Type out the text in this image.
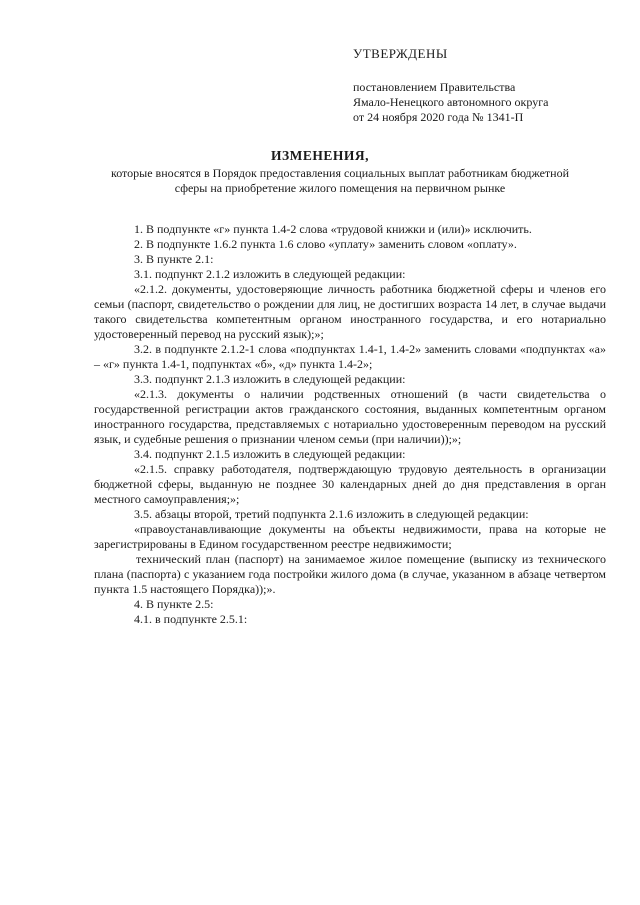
УТВЕРЖДЕНЫ
постановлением Правительства
Ямало-Ненецкого автономного округа
от 24 ноября 2020 года № 1341-П
ИЗМЕНЕНИЯ,
которые вносятся в Порядок предоставления социальных выплат работникам бюджетной сферы на приобретение жилого помещения на первичном рынке

1. В подпункте «г» пункта 1.4-2 слова «трудовой книжки и (или)» исключить.

2. В подпункте 1.6.2 пункта 1.6 слово «уплату» заменить словом «оплату».

3. В пункте 2.1:

3.1. подпункт 2.1.2 изложить в следующей редакции:

«2.1.2. документы, удостоверяющие личность работника бюджетной сферы и членов его семьи (паспорт, свидетельство о рождении для лиц, не достигших возраста 14 лет, в случае выдачи такого свидетельства компетентным органом иностранного государства, и его нотариально удостоверенный перевод на русский язык);»;

3.2. в подпункте 2.1.2-1 слова «подпунктах 1.4-1, 1.4-2» заменить словами «подпунктах «а» – «г» пункта 1.4-1, подпунктах «б», «д» пункта 1.4-2»;

3.3. подпункт 2.1.3 изложить в следующей редакции:

«2.1.3. документы о наличии родственных отношений (в части свидетельства о государственной регистрации актов гражданского состояния, выданных компетентным органом иностранного государства, представляемых с нотариально удостоверенным переводом на русский язык, и судебные решения о признании членом семьи (при наличии));»;

3.4. подпункт 2.1.5 изложить в следующей редакции:

«2.1.5. справку работодателя, подтверждающую трудовую деятельность в организации бюджетной сферы, выданную не позднее 30 календарных дней до дня представления в орган местного самоуправления;»;

3.5. абзацы второй, третий подпункта 2.1.6 изложить в следующей редакции:

«правоустанавливающие документы на объекты недвижимости, права на которые не зарегистрированы в Едином государственном реестре недвижимости;

технический план (паспорт) на занимаемое жилое помещение (выписку из технического плана (паспорта) с указанием года постройки жилого дома (в случае, указанном в абзаце четвертом пункта 1.5 настоящего Порядка));».

4. В пункте 2.5:

4.1. в подпункте 2.5.1:
